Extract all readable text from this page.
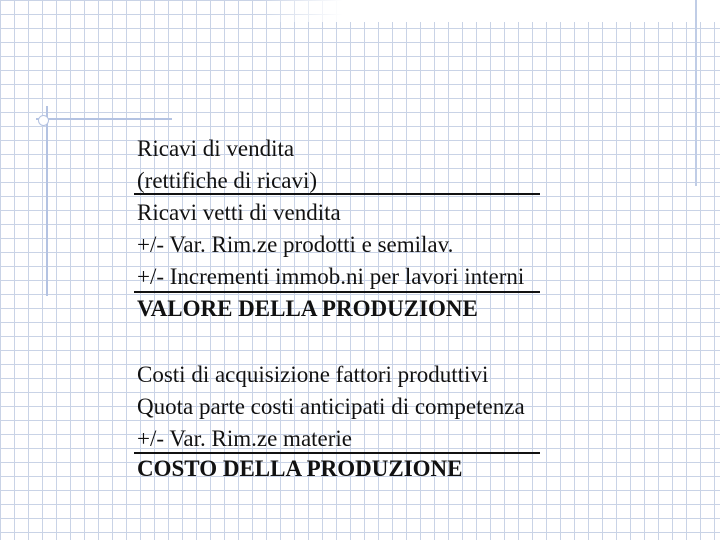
Ricavi di vendita
(rettifiche di ricavi)
Ricavi vetti di vendita
+/- Var. Rim.ze prodotti e semilav.
+/- Incrementi immob.ni per lavori interni
VALORE DELLA PRODUZIONE
Costi di acquisizione fattori produttivi
Quota parte costi anticipati di competenza
+/- Var. Rim.ze materie
COSTO DELLA PRODUZIONE
